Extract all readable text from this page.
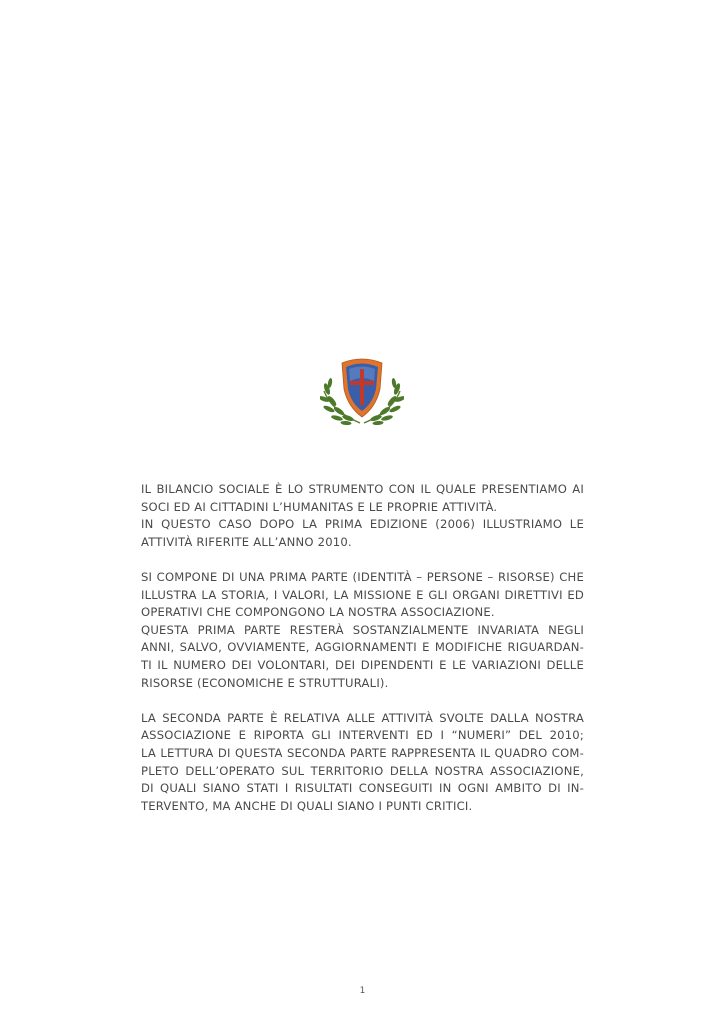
IL BILANCIO SOCIALE È LO STRUMENTO CON IL QUALE PRESENTIAMO AI
SOCI ED AI CITTADINI L’HUMANITAS E LE PROPRIE ATTIVITÀ.
IN QUESTO CASO DOPO LA PRIMA EDIZIONE (2006) ILLUSTRIAMO LE
ATTIVITÀ RIFERITE ALL’ANNO 2010.
SI COMPONE DI UNA PRIMA PARTE (IDENTITÀ – PERSONE – RISORSE) CHE
ILLUSTRA LA STORIA, I VALORI, LA MISSIONE E GLI ORGANI DIRETTIVI ED
OPERATIVI CHE COMPONGONO LA NOSTRA ASSOCIAZIONE.
QUESTA PRIMA PARTE RESTERÀ SOSTANZIALMENTE INVARIATA NEGLI
ANNI, SALVO, OVVIAMENTE, AGGIORNAMENTI E MODIFICHE RIGUARDAN-
TI IL NUMERO DEI VOLONTARI, DEI DIPENDENTI E LE VARIAZIONI DELLE
RISORSE (ECONOMICHE E STRUTTURALI).
LA SECONDA PARTE È RELATIVA ALLE ATTIVITÀ SVOLTE DALLA NOSTRA
ASSOCIAZIONE E RIPORTA GLI INTERVENTI ED I “NUMERI” DEL 2010;
LA LETTURA DI QUESTA SECONDA PARTE RAPPRESENTA IL QUADRO COM-
PLETO DELL’OPERATO SUL TERRITORIO DELLA NOSTRA ASSOCIAZIONE,
DI QUALI SIANO STATI I RISULTATI CONSEGUITI IN OGNI AMBITO DI IN-
TERVENTO, MA ANCHE DI QUALI SIANO I PUNTI CRITICI.
1
